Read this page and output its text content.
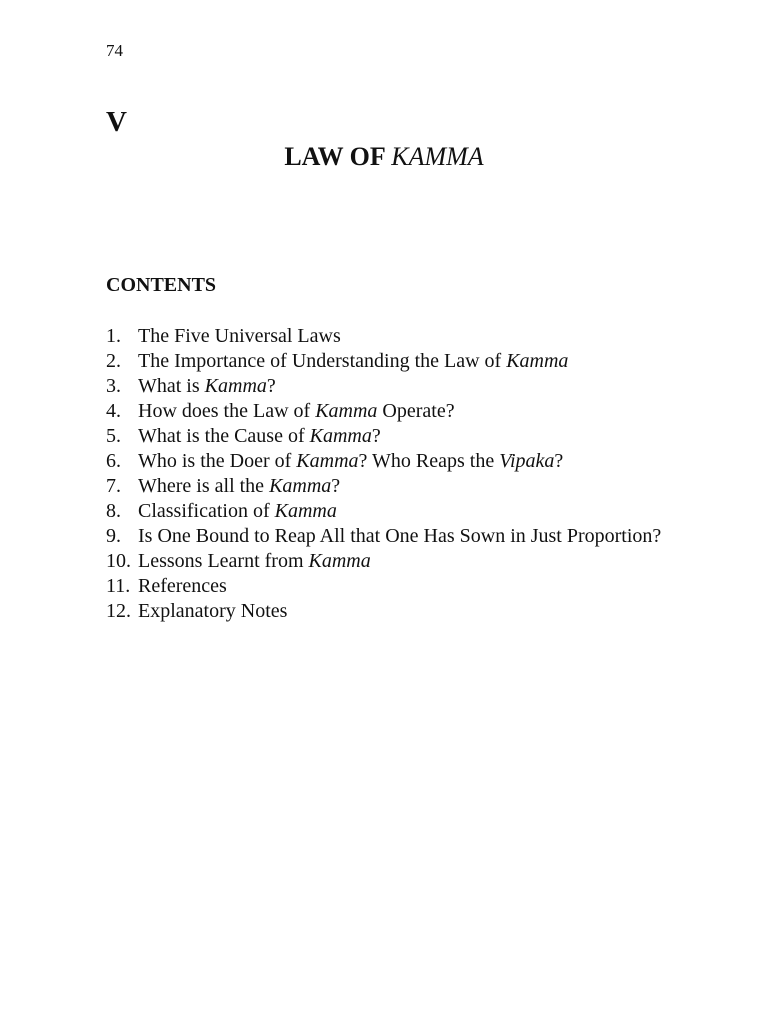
74
V
LAW OF KAMMA
CONTENTS
1. The Five Universal Laws
2. The Importance of Understanding the Law of Kamma
3. What is Kamma?
4. How does the Law of Kamma Operate?
5. What is the Cause of Kamma?
6. Who is the Doer of Kamma? Who Reaps the Vipaka?
7. Where is all the Kamma?
8. Classification of Kamma
9. Is One Bound to Reap All that One Has Sown in Just Proportion?
10. Lessons Learnt from Kamma
11. References
12. Explanatory Notes
